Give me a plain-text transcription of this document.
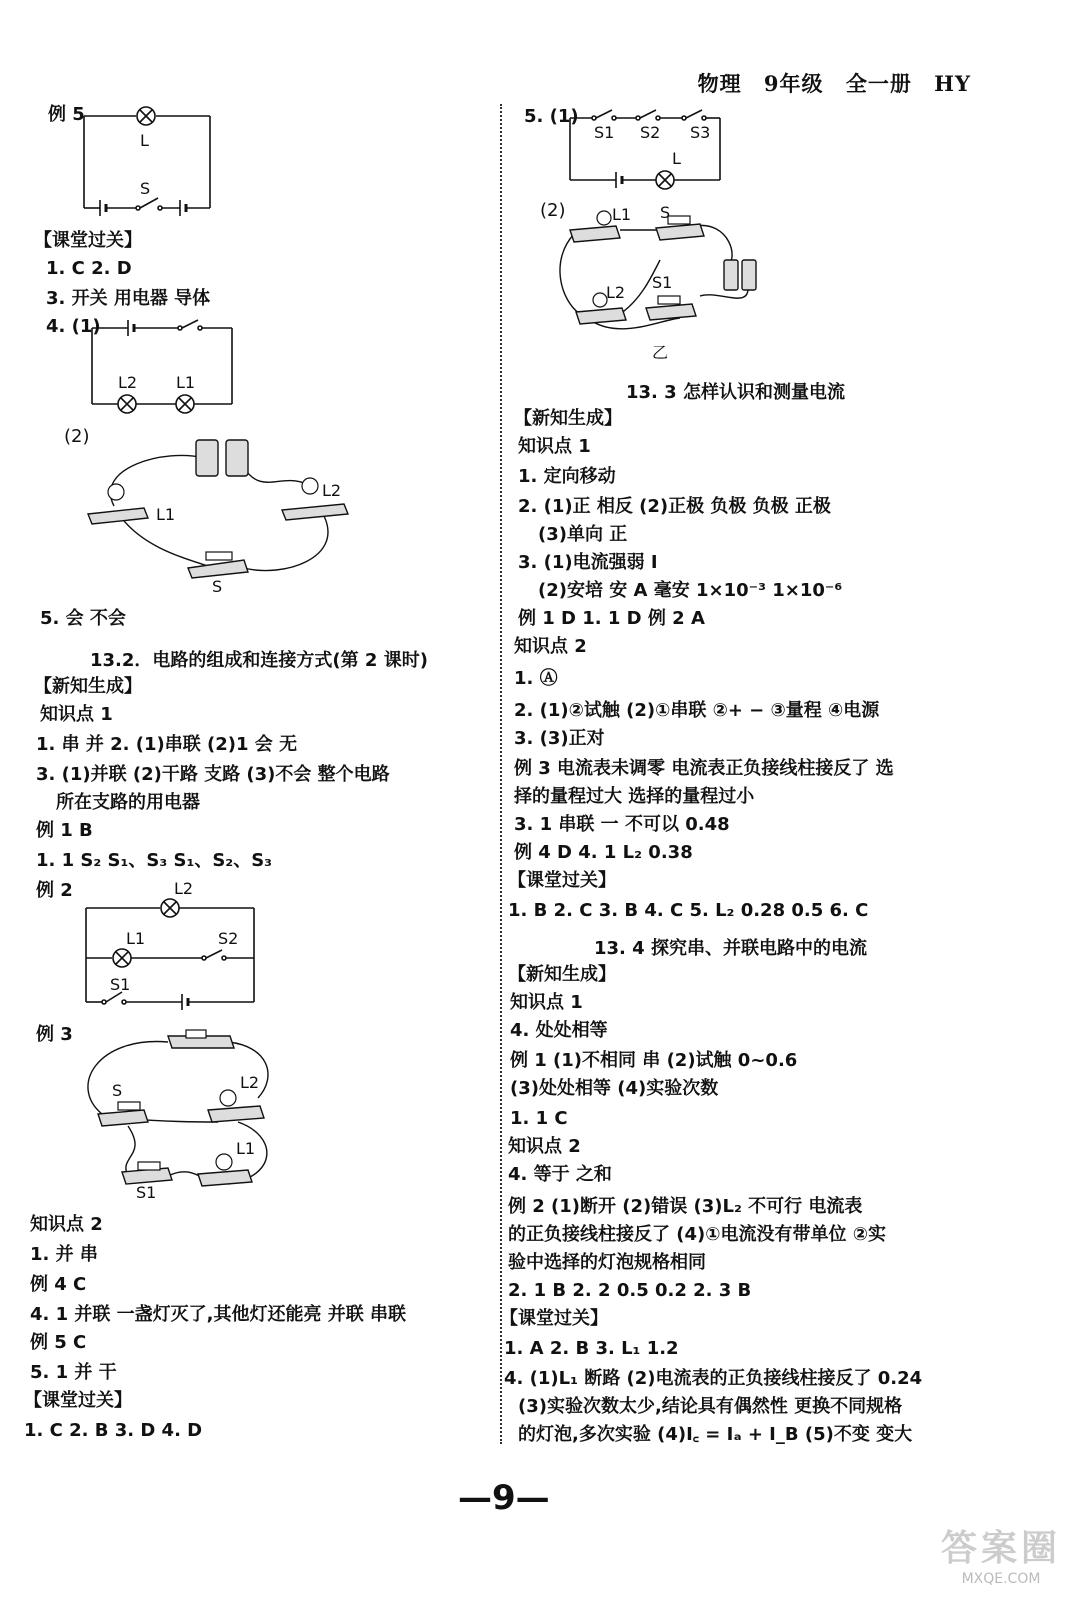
物理 9年级 全一册 HY
例 5
L
S
【课堂过关】
1. C 2. D
3. 开关 用电器 导体
4. (1)
L2 L1
(2)
L1
L2
S
5. 会 不会
13.2．电路的组成和连接方式(第 2 课时)
【新知生成】
知识点 1
1. 串 并 2. (1)串联 (2)1 会 无
3. (1)并联 (2)干路 支路 (3)不会 整个电路
所在支路的用电器
例 1 B
1. 1 S₂ S₁、S₃ S₁、S₂、S₃
例 2	L2
L1	S2
S1
例 3
S	L2
L1
S1
知识点 2
1. 并 串
例 4 C
4. 1 并联 一盏灯灭了,其他灯还能亮 并联 串联
例 5 C
5. 1 并 干
【课堂过关】
1. C 2. B 3. D 4. D
5. (1)
S1 S2 S3
L
(2)	L1 S
L2
S1
乙
13. 3 怎样认识和测量电流
【新知生成】
知识点 1
1. 定向移动
2. (1)正 相反 (2)正极 负极 负极 正极
(3)单向 正
3. (1)电流强弱 I
(2)安培 安 A 毫安 1×10⁻³ 1×10⁻⁶
例 1 D 1. 1 D 例 2 A
知识点 2
1. Ⓐ
2. (1)②试触 (2)①串联 ②+ − ③量程 ④电源
3. (3)正对
例 3 电流表未调零 电流表正负接线柱接反了 选
择的量程过大 选择的量程过小
3. 1 串联 一 不可以 0.48
例 4 D 4. 1 L₂ 0.38
【课堂过关】
1. B 2. C 3. B 4. C 5. L₂ 0.28 0.5 6. C
13. 4 探究串、并联电路中的电流
【新知生成】
知识点 1
4. 处处相等
例 1 (1)不相同 串 (2)试触 0~0.6
(3)处处相等 (4)实验次数
1. 1 C
知识点 2
4. 等于 之和
例 2 (1)断开 (2)错误 (3)L₂ 不可行 电流表
的正负接线柱接反了 (4)①电流没有带单位 ②实
验中选择的灯泡规格相同
2. 1 B 2. 2 0.5 0.2 2. 3 B
【课堂过关】
1. A 2. B 3. L₁ 1.2
4. (1)L₁ 断路 (2)电流表的正负接线柱接反了 0.24
(3)实验次数太少,结论具有偶然性 更换不同规格
的灯泡,多次实验 (4)I꜀ = Iₐ + I_B (5)不变 变大
—9—
答案圈
MXQE.COM
